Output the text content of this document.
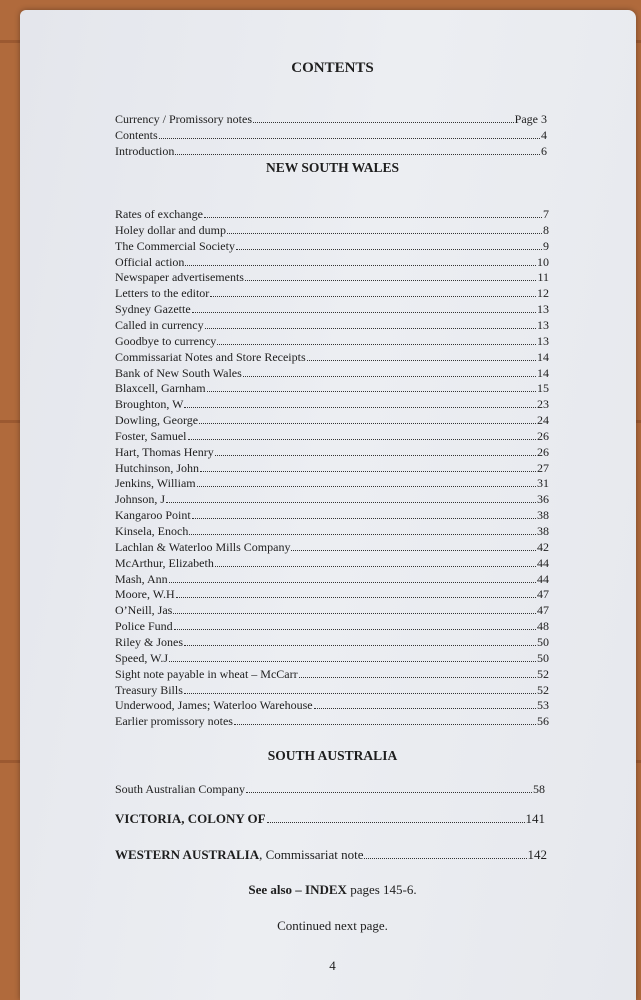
CONTENTS
Currency / Promissory notes	Page 3
Contents	4
Introduction	6
NEW SOUTH WALES
Rates of exchange	7
Holey dollar and dump	8
The Commercial Society	9
Official action	10
Newspaper advertisements	11
Letters to the editor	12
Sydney Gazette	13
Called in currency	13
Goodbye to currency	13
Commissariat Notes and Store Receipts	14
Bank of New South Wales	14
Blaxcell, Garnham	15
Broughton, W	23
Dowling, George	24
Foster, Samuel	26
Hart, Thomas Henry	26
Hutchinson, John	27
Jenkins, William	31
Johnson, J	36
Kangaroo Point	38
Kinsela, Enoch	38
Lachlan & Waterloo Mills Company	42
McArthur, Elizabeth	44
Mash, Ann	44
Moore, W.H	47
O’Neill, Jas	47
Police Fund	48
Riley & Jones	50
Speed, W.J	50
Sight note payable in wheat – McCarr	52
Treasury Bills	52
Underwood, James; Waterloo Warehouse	53
Earlier promissory notes	56
SOUTH AUSTRALIA
South Australian Company	58
VICTORIA, COLONY OF	141
WESTERN AUSTRALIA, Commissariat note	142
See also – INDEX pages 145-6.
Continued next page.
4
